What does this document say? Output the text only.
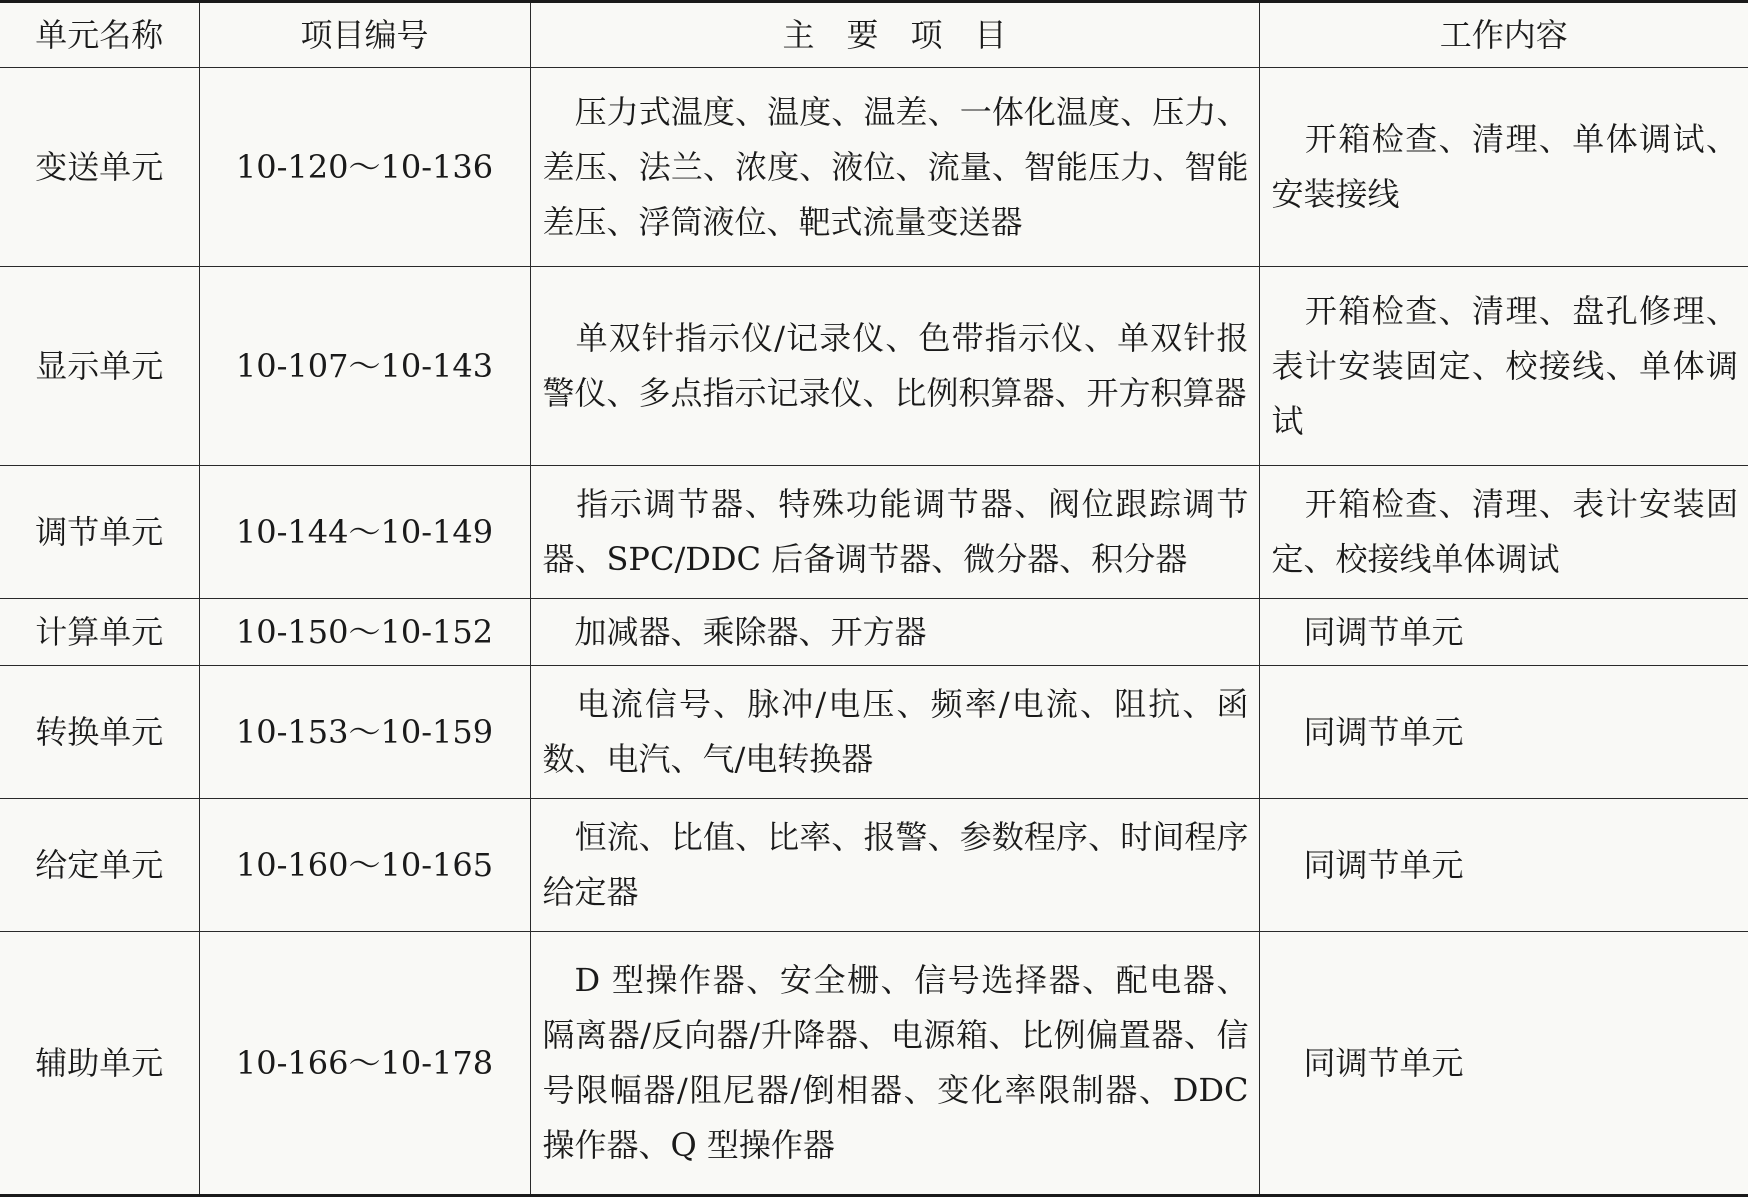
单元名称	项目编号	主　要　项　目	工作内容
变送单元	10-120～10-136	压力式温度、温度、温差、一体化温度、压力、差压、法兰、浓度、液位、流量、智能压力、智能差压、浮筒液位、靶式流量变送器	开箱检查、清理、单体调试、安装接线
显示单元	10-107～10-143	单双针指示仪/记录仪、色带指示仪、单双针报警仪、多点指示记录仪、比例积算器、开方积算器	开箱检查、清理、盘孔修理、表计安装固定、校接线、单体调试
调节单元	10-144～10-149	指示调节器、特殊功能调节器、阀位跟踪调节器、SPC/DDC 后备调节器、微分器、积分器	开箱检查、清理、表计安装固定、校接线单体调试
计算单元	10-150～10-152	加减器、乘除器、开方器	同调节单元
转换单元	10-153～10-159	电流信号、脉冲/电压、频率/电流、阻抗、函数、电汽、气/电转换器	同调节单元
给定单元	10-160～10-165	恒流、比值、比率、报警、参数程序、时间程序给定器	同调节单元
辅助单元	10-166～10-178	D 型操作器、安全栅、信号选择器、配电器、隔离器/反向器/升降器、电源箱、比例偏置器、信号限幅器/阻尼器/倒相器、变化率限制器、DDC 操作器、Q 型操作器	同调节单元
